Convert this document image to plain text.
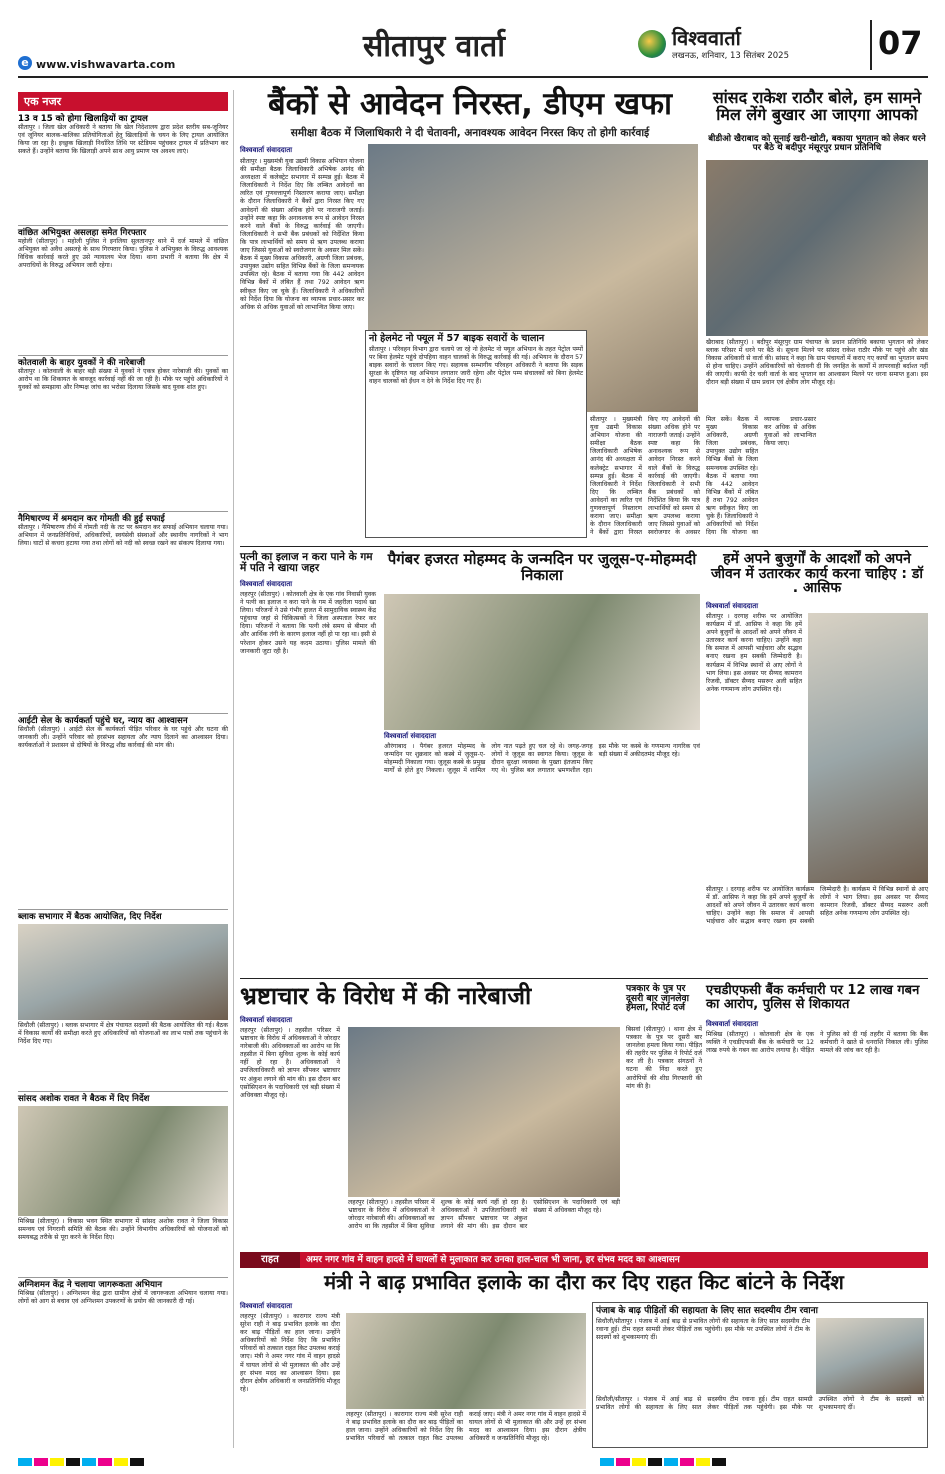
e www.vishwavarta.com
सीतापुर वार्ता	विश्ववार्ता
लखनऊ, शनिवार, 13 सितंबर 2025	07
एक नजर
13 व 15 को होगा खिलाड़ियों का ट्रायल
सीतापुर । जिला खेल अधिकारी ने बताया कि खेल निदेशालय द्वारा प्रदेश स्तरीय सब-जूनियर एवं जूनियर बालक-बालिका प्रतियोगिताओं हेतु खिलाड़ियों के चयन के लिए ट्रायल आयोजित किया जा रहा है। इच्छुक खिलाड़ी निर्धारित तिथि पर स्टेडियम पहुंचकर ट्रायल में प्रतिभाग कर सकते हैं। उन्होंने बताया कि खिलाड़ी अपने साथ आयु प्रमाण पत्र अवश्य लाएं।
वांछित अभियुक्त असलहा समेत गिरफ्तार
महोली (सीतापुर) । महोली पुलिस ने इनलिया सुलतानपुर थाने में दर्ज मामले में वांछित अभियुक्त को अवैध असलहे के साथ गिरफ्तार किया। पुलिस ने अभियुक्त के विरुद्ध आवश्यक विधिक कार्रवाई करते हुए उसे न्यायालय भेज दिया। थाना प्रभारी ने बताया कि क्षेत्र में अपराधियों के विरुद्ध अभियान जारी रहेगा।
कोतवाली के बाहर युवकों ने की नारेबाजी
सीतापुर । कोतवाली के बाहर बड़ी संख्या में युवकों ने एकत्र होकर नारेबाजी की। युवकों का आरोप था कि शिकायत के बावजूद कार्रवाई नहीं की जा रही है। मौके पर पहुंचे अधिकारियों ने युवकों को समझाया और निष्पक्ष जांच का भरोसा दिलाया जिसके बाद युवक शांत हुए।
नैमिषारण्य में श्रमदान कर गोमती की हुई सफाई
सीतापुर । नैमिषारण्य तीर्थ में गोमती नदी के तट पर श्रमदान कर सफाई अभियान चलाया गया। अभियान में जनप्रतिनिधियों, अधिकारियों, स्वयंसेवी संस्थाओं और स्थानीय नागरिकों ने भाग लिया। घाटों से कचरा हटाया गया तथा लोगों को नदी को स्वच्छ रखने का संकल्प दिलाया गया।
आईटी सेल के कार्यकर्ता पहुंचे घर, न्याय का आश्वासन
सिधौली (सीतापुर) । आईटी सेल के कार्यकर्ता पीड़ित परिवार के घर पहुंचे और घटना की जानकारी ली। उन्होंने परिवार को हरसंभव सहायता और न्याय दिलाने का आश्वासन दिया। कार्यकर्ताओं ने प्रशासन से दोषियों के विरुद्ध शीघ्र कार्रवाई की मांग की।
ब्लाक सभागार में बैठक आयोजित, दिए निर्देश
सिधौली (सीतापुर) । ब्लाक सभागार में क्षेत्र पंचायत सदस्यों की बैठक आयोजित की गई। बैठक में विकास कार्यों की समीक्षा करते हुए अधिकारियों को योजनाओं का लाभ पात्रों तक पहुंचाने के निर्देश दिए गए।
सांसद अशोक रावत ने बैठक में दिए निर्देश
मिश्रिख (सीतापुर) । विकास भवन स्थित सभागार में सांसद अशोक रावत ने जिला विकास समन्वय एवं निगरानी समिति की बैठक की। उन्होंने विभागीय अधिकारियों को योजनाओं को समयबद्ध तरीके से पूरा करने के निर्देश दिए।
अग्निशमन केंद्र ने चलाया जागरूकता अभियान
मिश्रिख (सीतापुर) । अग्निशमन केंद्र द्वारा ग्रामीण क्षेत्रों में जागरूकता अभियान चलाया गया। लोगों को आग से बचाव एवं अग्निशमन उपकरणों के प्रयोग की जानकारी दी गई।
बैंकों से आवेदन निरस्त, डीएम खफा
समीक्षा बैठक में जिलाधिकारी ने दी चेतावनी, अनावश्यक आवेदन निरस्त किए तो होगी कार्रवाई
विश्ववार्ता संवाददाता
सीतापुर । मुख्यमंत्री युवा उद्यमी विकास अभियान योजना की समीक्षा बैठक जिलाधिकारी अभिषेक आनंद की अध्यक्षता में कलेक्ट्रेट सभागार में सम्पन्न हुई। बैठक में जिलाधिकारी ने निर्देश दिए कि लम्बित आवेदनों का त्वरित एवं गुणवत्तापूर्ण निस्तारण कराया जाए। समीक्षा के दौरान जिलाधिकारी ने बैंकों द्वारा निरस्त किए गए आवेदनों की संख्या अधिक होने पर नाराजगी जताई। उन्होंने स्पष्ट कहा कि अनावश्यक रूप से आवेदन निरस्त करने वाले बैंकों के विरुद्ध कार्रवाई की जाएगी। जिलाधिकारी ने सभी बैंक प्रबंधकों को निर्देशित किया कि पात्र लाभार्थियों को समय से ऋण उपलब्ध कराया जाए जिससे युवाओं को स्वरोजगार के अवसर मिल सकें। बैठक में मुख्य विकास अधिकारी, अग्रणी जिला प्रबंधक, उपायुक्त उद्योग सहित विभिन्न बैंकों के जिला समन्वयक उपस्थित रहे। बैठक में बताया गया कि 442 आवेदन विभिन्न बैंकों में लंबित हैं तथा 792 आवेदन ऋण स्वीकृत किए जा चुके हैं। जिलाधिकारी ने अधिकारियों को निर्देश दिया कि योजना का व्यापक प्रचार-प्रसार कर अधिक से अधिक युवाओं को लाभान्वित किया जाए।
सीतापुर । मुख्यमंत्री युवा उद्यमी विकास अभियान योजना की समीक्षा बैठक जिलाधिकारी अभिषेक आनंद की अध्यक्षता में कलेक्ट्रेट सभागार में सम्पन्न हुई। बैठक में जिलाधिकारी ने निर्देश दिए कि लम्बित आवेदनों का त्वरित एवं गुणवत्तापूर्ण निस्तारण कराया जाए। समीक्षा के दौरान जिलाधिकारी ने बैंकों द्वारा निरस्त किए गए आवेदनों की संख्या अधिक होने पर नाराजगी जताई। उन्होंने स्पष्ट कहा कि अनावश्यक रूप से आवेदन निरस्त करने वाले बैंकों के विरुद्ध कार्रवाई की जाएगी। जिलाधिकारी ने सभी बैंक प्रबंधकों को निर्देशित किया कि पात्र लाभार्थियों को समय से ऋण उपलब्ध कराया जाए जिससे युवाओं को स्वरोजगार के अवसर मिल सकें। बैठक में मुख्य विकास अधिकारी, अग्रणी जिला प्रबंधक, उपायुक्त उद्योग सहित विभिन्न बैंकों के जिला समन्वयक उपस्थित रहे। बैठक में बताया गया कि 442 आवेदन विभिन्न बैंकों में लंबित हैं तथा 792 आवेदन ऋण स्वीकृत किए जा चुके हैं। जिलाधिकारी ने अधिकारियों को निर्देश दिया कि योजना का व्यापक प्रचार-प्रसार कर अधिक से अधिक युवाओं को लाभान्वित किया जाए।
नो हेलमेट नो फ्यूल में 57 बाइक सवारों के चालान
सीतापुर । परिवहन विभाग द्वारा चलाये जा रहे नो हेलमेट नो फ्यूल अभियान के तहत पेट्रोल पम्पों पर बिना हेलमेट पहुंचे दोपहिया वाहन चालकों के विरुद्ध कार्रवाई की गई। अभियान के दौरान 57 बाइक सवारों के चालान किए गए। सहायक सम्भागीय परिवहन अधिकारी ने बताया कि सड़क सुरक्षा के दृष्टिगत यह अभियान लगातार जारी रहेगा और पेट्रोल पम्प संचालकों को बिना हेलमेट वाहन चालकों को ईंधन न देने के निर्देश दिए गए हैं।
सांसद राकेश राठौर बोले, हम सामने मिल लेंगे बुखार आ जाएगा आपको
बीडीओ खैराबाद को सुनाई खरी-खोटी, बकाया भुगतान को लेकर धरने पर बैठे थे बदीपुर मंसूरपुर प्रधान प्रतिनिधि
खैराबाद (सीतापुर) । बदीपुर मंसूरपुर ग्राम पंचायत के प्रधान प्रतिनिधि बकाया भुगतान को लेकर ब्लाक परिसर में धरने पर बैठे थे। सूचना मिलने पर सांसद राकेश राठौर मौके पर पहुंचे और खंड विकास अधिकारी से वार्ता की। सांसद ने कहा कि ग्राम पंचायतों में कराए गए कार्यों का भुगतान समय से होना चाहिए। उन्होंने अधिकारियों को चेतावनी दी कि जनहित के कार्यों में लापरवाही बर्दाश्त नहीं की जाएगी। काफी देर चली वार्ता के बाद भुगतान का आश्वासन मिलने पर धरना समाप्त हुआ। इस दौरान बड़ी संख्या में ग्राम प्रधान एवं क्षेत्रीय लोग मौजूद रहे।
पत्नी का इलाज न करा पाने के गम में पति ने खाया जहर
विश्ववार्ता संवाददाता
लहरपुर (सीतापुर) । कोतवाली क्षेत्र के एक गांव निवासी युवक ने पत्नी का इलाज न करा पाने के गम में जहरीला पदार्थ खा लिया। परिजनों ने उसे गंभीर हालत में सामुदायिक स्वास्थ्य केंद्र पहुंचाया जहां से चिकित्सकों ने जिला अस्पताल रेफर कर दिया। परिजनों ने बताया कि पत्नी लंबे समय से बीमार थी और आर्थिक तंगी के कारण इलाज नहीं हो पा रहा था। इसी से परेशान होकर उसने यह कदम उठाया। पुलिस मामले की जानकारी जुटा रही है।
पैगंबर हजरत मोहम्मद के जन्मदिन पर जुलूस-ए-मोहम्मदी निकाला
विश्ववार्ता संवाददाता
औरंगाबाद । पैगंबर हजरत मोहम्मद के जन्मदिन पर शुक्रवार को कस्बे में जुलूस-ए-मोहम्मदी निकाला गया। जुलूस कस्बे के प्रमुख मार्गों से होते हुए निकला। जुलूस में शामिल लोग नात पढ़ते हुए चल रहे थे। जगह-जगह लोगों ने जुलूस का स्वागत किया। जुलूस के दौरान सुरक्षा व्यवस्था के पुख्ता इंतजाम किए गए थे। पुलिस बल लगातार भ्रमणशील रहा। इस मौके पर कस्बे के गणमान्य नागरिक एवं बड़ी संख्या में अकीदतमंद मौजूद रहे।
हमें अपने बुजुर्गों के आदर्शों को अपने जीवन में उतारकर कार्य करना चाहिए : डॉ . आसिफ
विश्ववार्ता संवाददाता
सीतापुर । दरगाह शरीफ पर आयोजित कार्यक्रम में डॉ. आसिफ ने कहा कि हमें अपने बुजुर्गों के आदर्शों को अपने जीवन में उतारकर कार्य करना चाहिए। उन्होंने कहा कि समाज में आपसी भाईचारा और सद्भाव बनाए रखना हम सबकी जिम्मेदारी है। कार्यक्रम में विभिन्न स्थानों से आए लोगों ने भाग लिया। इस अवसर पर सैय्यद कामरान रिजवी, डॉक्टर सैय्यद मसरूर अली सहित अनेक गणमान्य लोग उपस्थित रहे।
सीतापुर । दरगाह शरीफ पर आयोजित कार्यक्रम में डॉ. आसिफ ने कहा कि हमें अपने बुजुर्गों के आदर्शों को अपने जीवन में उतारकर कार्य करना चाहिए। उन्होंने कहा कि समाज में आपसी भाईचारा और सद्भाव बनाए रखना हम सबकी जिम्मेदारी है। कार्यक्रम में विभिन्न स्थानों से आए लोगों ने भाग लिया। इस अवसर पर सैय्यद कामरान रिजवी, डॉक्टर सैय्यद मसरूर अली सहित अनेक गणमान्य लोग उपस्थित रहे।
भ्रष्टाचार के विरोध में की नारेबाजी
विश्ववार्ता संवाददाता
लहरपुर (सीतापुर) । तहसील परिसर में भ्रष्टाचार के विरोध में अधिवक्ताओं ने जोरदार नारेबाजी की। अधिवक्ताओं का आरोप था कि तहसील में बिना सुविधा शुल्क के कोई कार्य नहीं हो रहा है। अधिवक्ताओं ने उपजिलाधिकारी को ज्ञापन सौंपकर भ्रष्टाचार पर अंकुश लगाने की मांग की। इस दौरान बार एसोसिएशन के पदाधिकारी एवं बड़ी संख्या में अधिवक्ता मौजूद रहे।
लहरपुर (सीतापुर) । तहसील परिसर में भ्रष्टाचार के विरोध में अधिवक्ताओं ने जोरदार नारेबाजी की। अधिवक्ताओं का आरोप था कि तहसील में बिना सुविधा शुल्क के कोई कार्य नहीं हो रहा है। अधिवक्ताओं ने उपजिलाधिकारी को ज्ञापन सौंपकर भ्रष्टाचार पर अंकुश लगाने की मांग की। इस दौरान बार एसोसिएशन के पदाधिकारी एवं बड़ी संख्या में अधिवक्ता मौजूद रहे।
पत्रकार के पुत्र पर दूसरी बार जानलेवा हमला, रिपोर्ट दर्ज
बिसवां (सीतापुर) । थाना क्षेत्र में पत्रकार के पुत्र पर दूसरी बार जानलेवा हमला किया गया। पीड़ित की तहरीर पर पुलिस ने रिपोर्ट दर्ज कर ली है। पत्रकार संगठनों ने घटना की निंदा करते हुए आरोपियों की शीघ्र गिरफ्तारी की मांग की है।
एचडीएफसी बैंक कर्मचारी पर 12 लाख गबन का आरोप, पुलिस से शिकायत
विश्ववार्ता संवाददाता
मिश्रिख (सीतापुर) । कोतवाली क्षेत्र के एक व्यक्ति ने एचडीएफसी बैंक के कर्मचारी पर 12 लाख रुपये के गबन का आरोप लगाया है। पीड़ित ने पुलिस को दी गई तहरीर में बताया कि बैंक कर्मचारी ने खाते से धनराशि निकाल ली। पुलिस मामले की जांच कर रही है।
राहत	अमर नगर गांव में वाहन हादसे में घायलों से मुलाकात कर उनका हाल-चाल भी जाना, हर संभव मदद का आश्वासन
मंत्री ने बाढ़ प्रभावित इलाके का दौरा कर दिए राहत किट बांटने के निर्देश
विश्ववार्ता संवाददाता
लहरपुर (सीतापुर) । कारागार राज्य मंत्री सुरेश राही ने बाढ़ प्रभावित इलाके का दौरा कर बाढ़ पीड़ितों का हाल जाना। उन्होंने अधिकारियों को निर्देश दिए कि प्रभावित परिवारों को तत्काल राहत किट उपलब्ध कराई जाए। मंत्री ने अमर नगर गांव में वाहन हादसे में घायल लोगों से भी मुलाकात की और उन्हें हर संभव मदद का आश्वासन दिया। इस दौरान क्षेत्रीय अधिकारी व जनप्रतिनिधि मौजूद रहे।
लहरपुर (सीतापुर) । कारागार राज्य मंत्री सुरेश राही ने बाढ़ प्रभावित इलाके का दौरा कर बाढ़ पीड़ितों का हाल जाना। उन्होंने अधिकारियों को निर्देश दिए कि प्रभावित परिवारों को तत्काल राहत किट उपलब्ध कराई जाए। मंत्री ने अमर नगर गांव में वाहन हादसे में घायल लोगों से भी मुलाकात की और उन्हें हर संभव मदद का आश्वासन दिया। इस दौरान क्षेत्रीय अधिकारी व जनप्रतिनिधि मौजूद रहे।
पंजाब के बाढ़ पीड़ितों की सहायता के लिए सात सदस्यीय टीम रवाना
सिधौली/सीतापुर । पंजाब में आई बाढ़ से प्रभावित लोगों की सहायता के लिए सात सदस्यीय टीम रवाना हुई। टीम राहत सामग्री लेकर पीड़ितों तक पहुंचेगी। इस मौके पर उपस्थित लोगों ने टीम के सदस्यों को शुभकामनाएं दीं।
सिधौली/सीतापुर । पंजाब में आई बाढ़ से प्रभावित लोगों की सहायता के लिए सात सदस्यीय टीम रवाना हुई। टीम राहत सामग्री लेकर पीड़ितों तक पहुंचेगी। इस मौके पर उपस्थित लोगों ने टीम के सदस्यों को शुभकामनाएं दीं।
